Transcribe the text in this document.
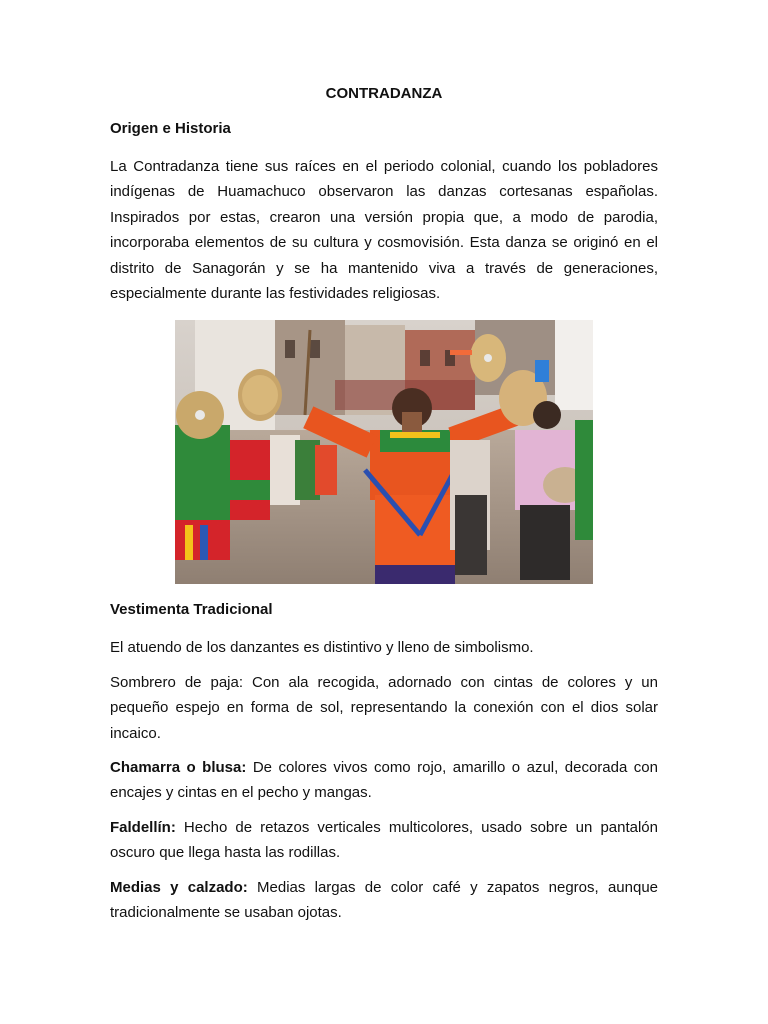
CONTRADANZA
Origen e Historia

La Contradanza tiene sus raíces en el periodo colonial, cuando los pobladores indígenas de Huamachuco observaron las danzas cortesanas españolas. Inspirados por estas, crearon una versión propia que, a modo de parodia, incorporaba elementos de su cultura y cosmovisión. Esta danza se originó en el distrito de Sanagorán y se ha mantenido viva a través de generaciones, especialmente durante las festividades religiosas.

Vestimenta Tradicional

El atuendo de los danzantes es distintivo y lleno de simbolismo.

Sombrero de paja: Con ala recogida, adornado con cintas de colores y un pequeño espejo en forma de sol, representando la conexión con el dios solar incaico.

Chamarra o blusa: De colores vivos como rojo, amarillo o azul, decorada con encajes y cintas en el pecho y mangas.

Faldellín: Hecho de retazos verticales multicolores, usado sobre un pantalón oscuro que llega hasta las rodillas.

Medias y calzado: Medias largas de color café y zapatos negros, aunque tradicionalmente se usaban ojotas.
